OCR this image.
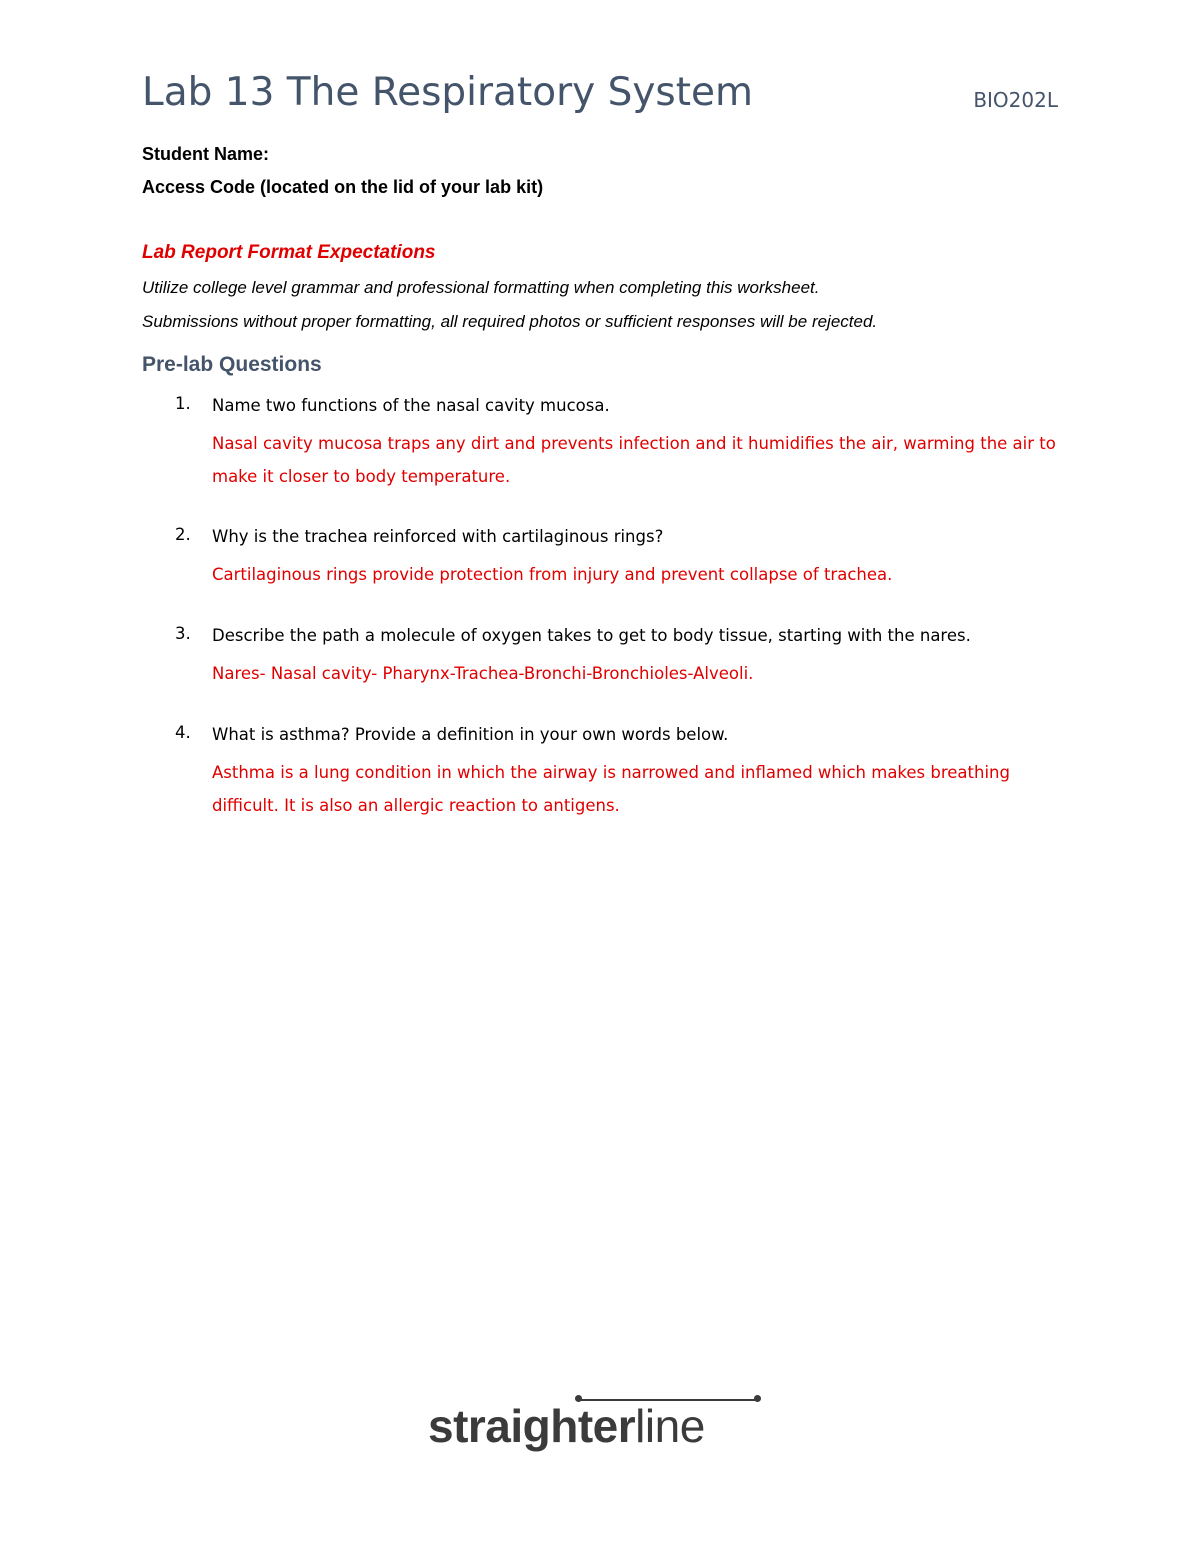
Lab 13 The Respiratory System	BIO202L
Student Name:
Access Code (located on the lid of your lab kit)
Lab Report Format Expectations
Utilize college level grammar and professional formatting when completing this worksheet.
Submissions without proper formatting, all required photos or sufficient responses will be rejected.
Pre-lab Questions
1. Name two functions of the nasal cavity mucosa.
Nasal cavity mucosa traps any dirt and prevents infection and it humidifies the air, warming the air to make it closer to body temperature.
2. Why is the trachea reinforced with cartilaginous rings?
Cartilaginous rings provide protection from injury and prevent collapse of trachea.
3. Describe the path a molecule of oxygen takes to get to body tissue, starting with the nares.
Nares- Nasal cavity- Pharynx-Trachea-Bronchi-Bronchioles-Alveoli.
4. What is asthma? Provide a definition in your own words below.
Asthma is a lung condition in which the airway is narrowed and inflamed which makes breathing difficult. It is also an allergic reaction to antigens.
straighterline
